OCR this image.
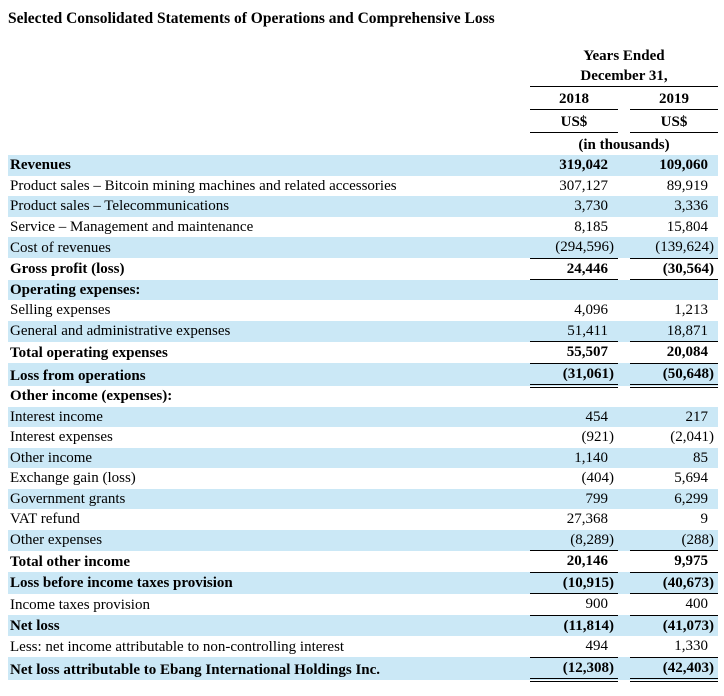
Selected Consolidated Statements of Operations and Comprehensive Loss
	Years Ended		
	December 31,		
	2018		2019
	US$		US$
	(in thousands)		
Revenues	319,042		109,060
Product sales – Bitcoin mining machines and related accessories	307,127		89,919
Product sales – Telecommunications	3,730		3,336
Service – Management and maintenance	8,185		15,804
Cost of revenues	(294,596)		(139,624)
Gross profit (loss)	24,446		(30,564)
Operating expenses:			
Selling expenses	4,096		1,213
General and administrative expenses	51,411		18,871
Total operating expenses	55,507		20,084
Loss from operations	(31,061)		(50,648)
Other income (expenses):			
Interest income	454		217
Interest expenses	(921)		(2,041)
Other income	1,140		85
Exchange gain (loss)	(404)		5,694
Government grants	799		6,299
VAT refund	27,368		9
Other expenses	(8,289)		(288)
Total other income	20,146		9,975
Loss before income taxes provision	(10,915)		(40,673)
Income taxes provision	900		400
Net loss	(11,814)		(41,073)
Less: net income attributable to non-controlling interest	494		1,330
Net loss attributable to Ebang International Holdings Inc.	(12,308)		(42,403)
